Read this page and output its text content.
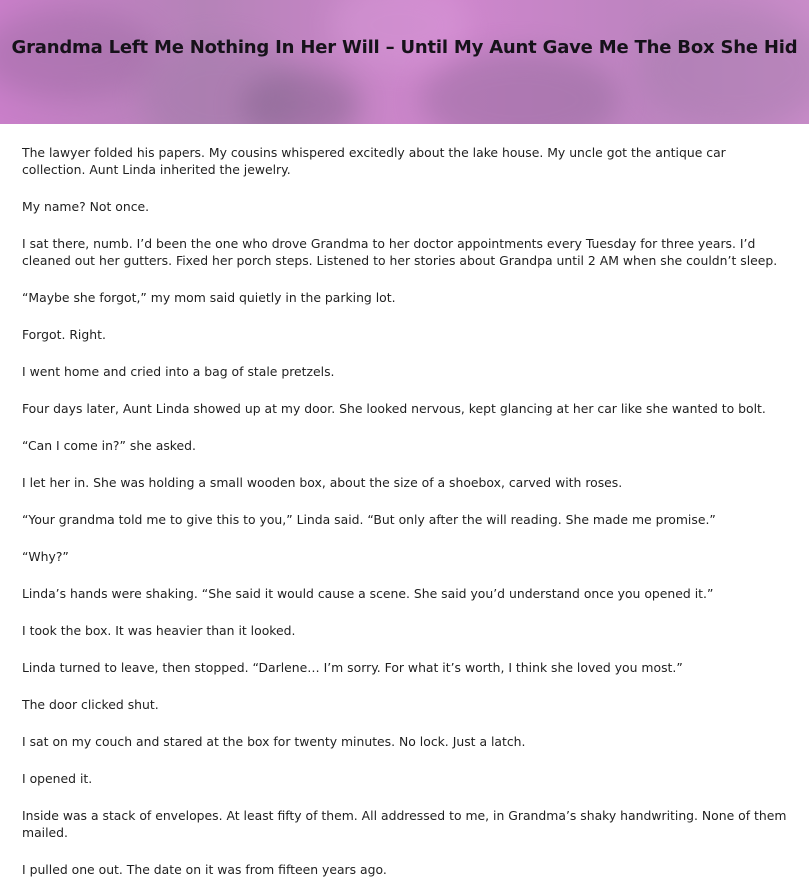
Grandma Left Me Nothing In Her Will – Until My Aunt Gave Me The Box She Hid

The lawyer folded his papers. My cousins whispered excitedly about the lake house. My uncle got the antique car collection. Aunt Linda inherited the jewelry.

My name? Not once.

I sat there, numb. I’d been the one who drove Grandma to her doctor appointments every Tuesday for three years. I’d cleaned out her gutters. Fixed her porch steps. Listened to her stories about Grandpa until 2 AM when she couldn’t sleep.

“Maybe she forgot,” my mom said quietly in the parking lot.

Forgot. Right.

I went home and cried into a bag of stale pretzels.

Four days later, Aunt Linda showed up at my door. She looked nervous, kept glancing at her car like she wanted to bolt.

“Can I come in?” she asked.

I let her in. She was holding a small wooden box, about the size of a shoebox, carved with roses.

“Your grandma told me to give this to you,” Linda said. “But only after the will reading. She made me promise.”

“Why?”

Linda’s hands were shaking. “She said it would cause a scene. She said you’d understand once you opened it.”

I took the box. It was heavier than it looked.

Linda turned to leave, then stopped. “Darlene… I’m sorry. For what it’s worth, I think she loved you most.”

The door clicked shut.

I sat on my couch and stared at the box for twenty minutes. No lock. Just a latch.

I opened it.

Inside was a stack of envelopes. At least fifty of them. All addressed to me, in Grandma’s shaky handwriting. None of them mailed.

I pulled one out. The date on it was from fifteen years ago.
